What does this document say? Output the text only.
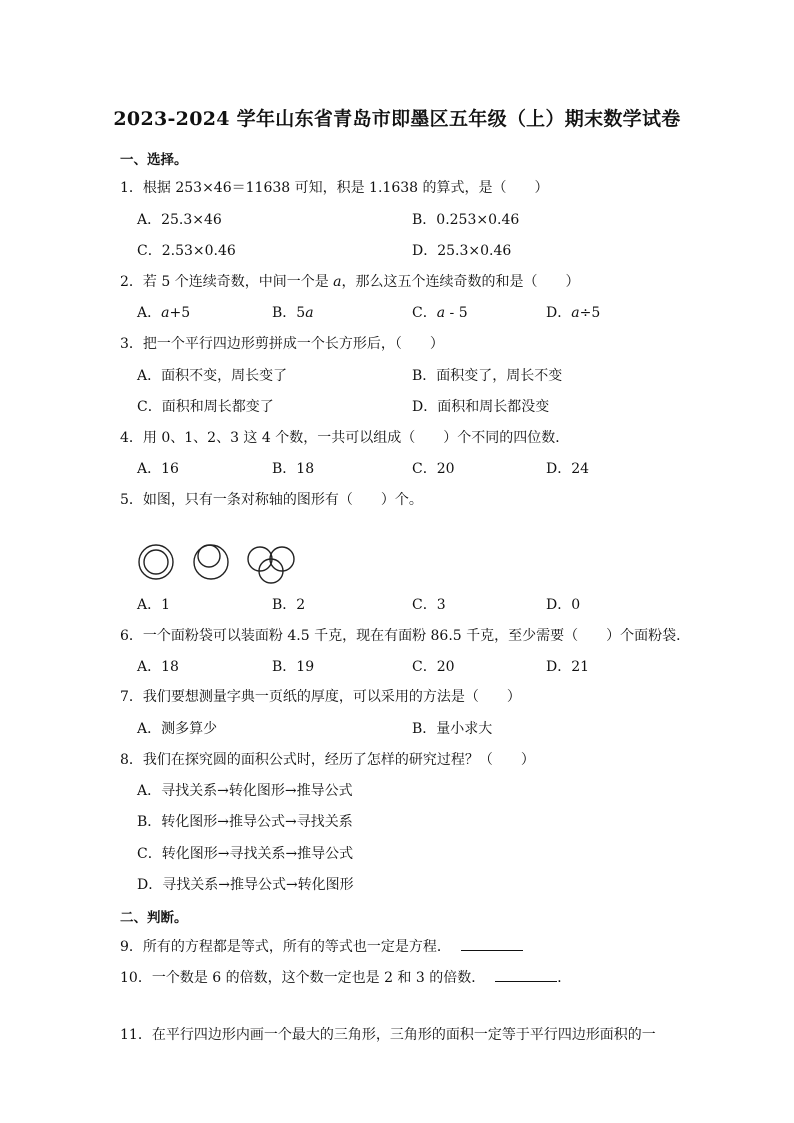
2023-2024 学年山东省青岛市即墨区五年级（上）期末数学试卷
一、选择。
1．根据 253×46＝11638 可知，积是 1.1638 的算式，是（　　）
A．25.3×46	B．0.253×0.46
C．2.53×0.46	D．25.3×0.46
2．若 5 个连续奇数，中间一个是 a，那么这五个连续奇数的和是（　　）
A．a+5	B．5a	C．a - 5	D．a÷5
3．把一个平行四边形剪拼成一个长方形后，（　　）
A．面积不变，周长变了	B．面积变了，周长不变
C．面积和周长都变了	D．面积和周长都没变
4．用 0、1、2、3 这 4 个数，一共可以组成（　　）个不同的四位数．
A．16	B．18	C．20	D．24
5．如图，只有一条对称轴的图形有（　　）个。
A．1	B．2	C．3	D．0
6．一个面粉袋可以装面粉 4.5 千克，现在有面粉 86.5 千克，至少需要（　　）个面粉袋．
A．18	B．19	C．20	D．21
7．我们要想测量字典一页纸的厚度，可以采用的方法是（　　）
A．测多算少	B．量小求大
8．我们在探究圆的面积公式时，经历了怎样的研究过程？（　　）
A．寻找关系→转化图形→推导公式
B．转化图形→推导公式→寻找关系
C．转化图形→寻找关系→推导公式
D．寻找关系→推导公式→转化图形
二、判断。
9．所有的方程都是等式，所有的等式也一定是方程．
10．一个数是 6 的倍数，这个数一定也是 2 和 3 的倍数．	．
11．在平行四边形内画一个最大的三角形，三角形的面积一定等于平行四边形面积的一
